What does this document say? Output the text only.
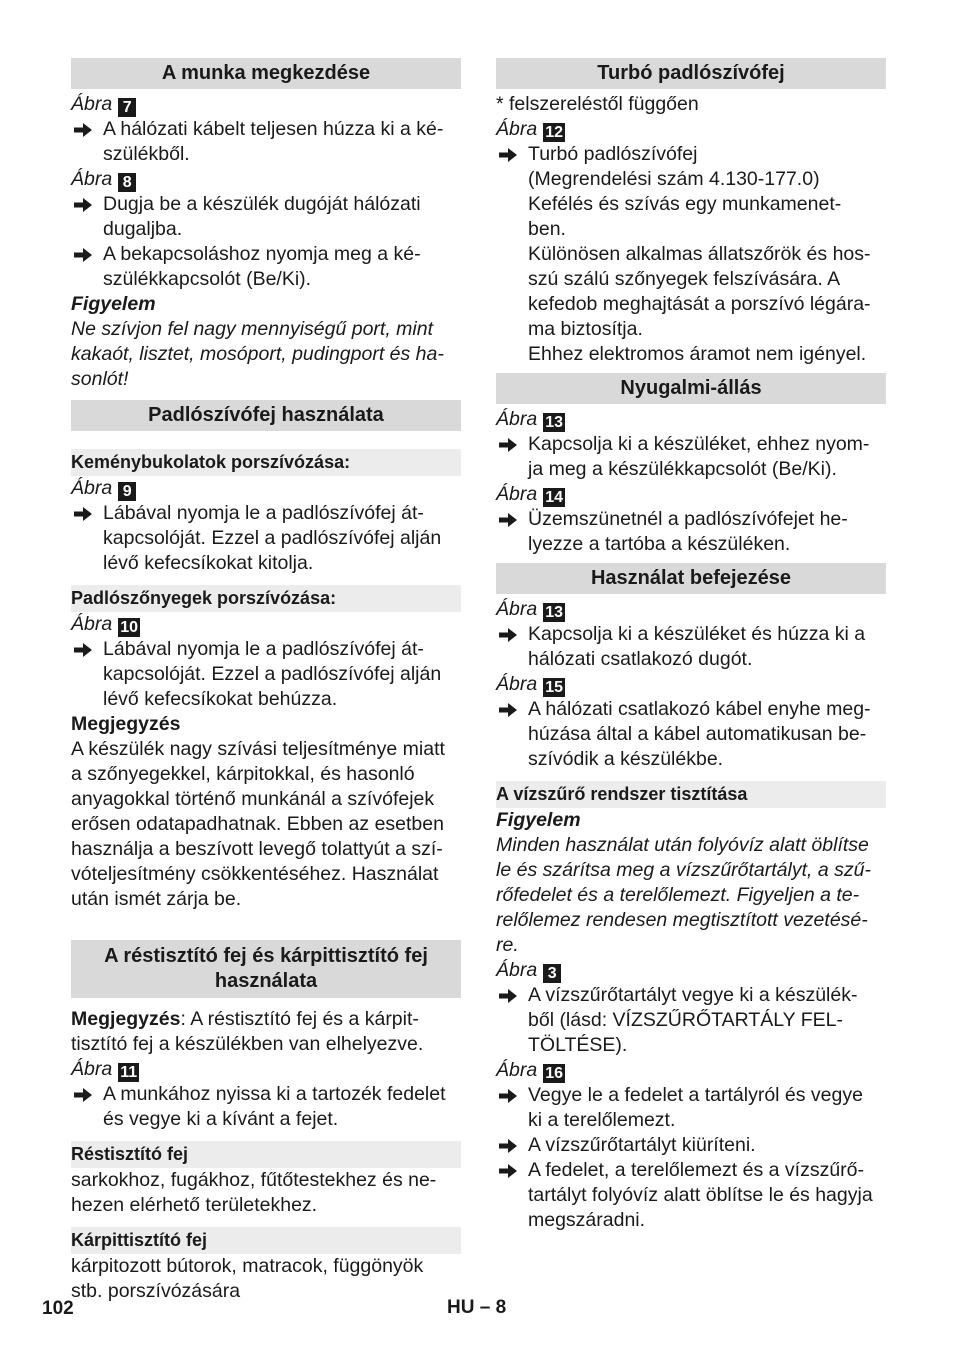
A munka megkezdése
Ábra 7
A hálózati kábelt teljesen húzza ki a ké-
szülékből.
Ábra 8
Dugja be a készülék dugóját hálózati
dugaljba.
A bekapcsoláshoz nyomja meg a ké-
szülékkapcsolót (Be/Ki).
Figyelem
Ne szívjon fel nagy mennyiségű port, mint
kakaót, lisztet, mosóport, pudingport és ha-
sonlót!
Padlószívófej használata
Keménybukolatok porszívózása:
Ábra 9
Lábával nyomja le a padlószívófej át-
kapcsolóját. Ezzel a padlószívófej alján
lévő kefecsíkokat kitolja.
Padlószőnyegek porszívózása:
Ábra 10
Lábával nyomja le a padlószívófej át-
kapcsolóját. Ezzel a padlószívófej alján
lévő kefecsíkokat behúzza.
Megjegyzés
A készülék nagy szívási teljesítménye miatt
a szőnyegekkel, kárpitokkal, és hasonló
anyagokkal történő munkánál a szívófejek
erősen odatapadhatnak. Ebben az esetben
használja a beszívott levegő tolattyút a szí-
vóteljesítmény csökkentéséhez. Használat
után ismét zárja be.
A réstisztító fej és kárpittisztító fej
használata
Megjegyzés: A réstisztító fej és a kárpit-
tisztító fej a készülékben van elhelyezve.
Ábra 11
A munkához nyissa ki a tartozék fedelet
és vegye ki a kívánt a fejet.
Réstisztító fej
sarkokhoz, fugákhoz, fűtőtestekhez és ne-
hezen elérhető területekhez.
Kárpittisztító fej
kárpitozott bútorok, matracok, függönyök
stb. porszívózására
Turbó padlószívófej
* felszereléstől függően
Ábra 12
Turbó padlószívófej
(Megrendelési szám 4.130-177.0)
Kefélés és szívás egy munkamenet-
ben.
Különösen alkalmas állatszőrök és hos-
szú szálú szőnyegek felszívására. A
kefedob meghajtását a porszívó légára-
ma biztosítja.
Ehhez elektromos áramot nem igényel.
Nyugalmi-állás
Ábra 13
Kapcsolja ki a készüléket, ehhez nyom-
ja meg a készülékkapcsolót (Be/Ki).
Ábra 14
Üzemszünetnél a padlószívófejet he-
lyezze a tartóba a készüléken.
Használat befejezése
Ábra 13
Kapcsolja ki a készüléket és húzza ki a
hálózati csatlakozó dugót.
Ábra 15
A hálózati csatlakozó kábel enyhe meg-
húzása által a kábel automatikusan be-
szívódik a készülékbe.
A vízszűrő rendszer tisztítása
Figyelem
Minden használat után folyóvíz alatt öblítse
le és szárítsa meg a vízszűrőtartályt, a szű-
rőfedelet és a terelőlemezt. Figyeljen a te-
relőlemez rendesen megtisztított vezetésé-
re.
Ábra 3
A vízszűrőtartályt vegye ki a készülék-
ből (lásd: VÍZSZŰRŐTARTÁLY FEL-
TÖLTÉSE).
Ábra 16
Vegye le a fedelet a tartályról és vegye
ki a terelőlemezt.
A vízszűrőtartályt kiüríteni.
A fedelet, a terelőlemezt és a vízszűrő-
tartályt folyóvíz alatt öblítse le és hagyja
megszáradni.
102	HU – 8
